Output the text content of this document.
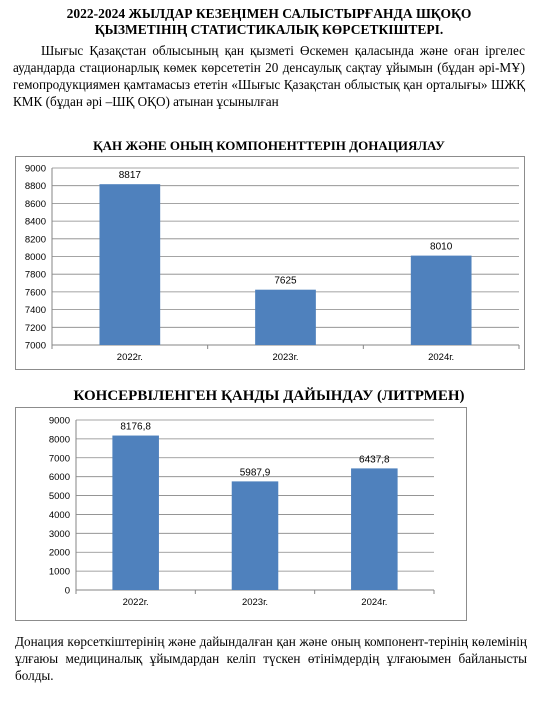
2022-2024 ЖЫЛДАР КЕЗЕҢІМЕН САЛЫСТЫРҒАНДА ШҚОҚО
ҚЫЗМЕТІНІҢ СТАТИСТИКАЛЫҚ КӨРСЕТКІШТЕРІ.
Шығыс Қазақстан облысының қан қызметі Өскемен қаласында және оған іргелес аудандарда стационарлық көмек көрсететін 20 денсаулық сақтау ұйымын (бұдан әрі-МҰ) гемопродукциямен қамтамасыз ететін «Шығыс Қазақстан облыстық қан орталығы» ШЖҚ КМК (бұдан әрі –ШҚ ОҚО) атынан ұсынылған
ҚАН ЖӘНЕ ОНЫҢ КОМПОНЕНТТЕРІН ДОНАЦИЯЛАУ
7000
7200
7400
7600
7800
8000
8200
8400
8600
8800
9000
8817
2022г.
7625
2023г.
8010
2024г.
КОНСЕРВІЛЕНГЕН ҚАНДЫ ДАЙЫНДАУ (ЛИТРМЕН)
0
1000
2000
3000
4000
5000
6000
7000
8000
9000
8176,8
2022г.
5987,9
2023г.
6437,8
2024г.
Донация көрсеткіштерінің және дайындалған қан және оның компонент-терінің көлемінің ұлғаюы медициналық ұйымдардан келіп түскен өтінімдердің ұлғаюымен байланысты болды.
